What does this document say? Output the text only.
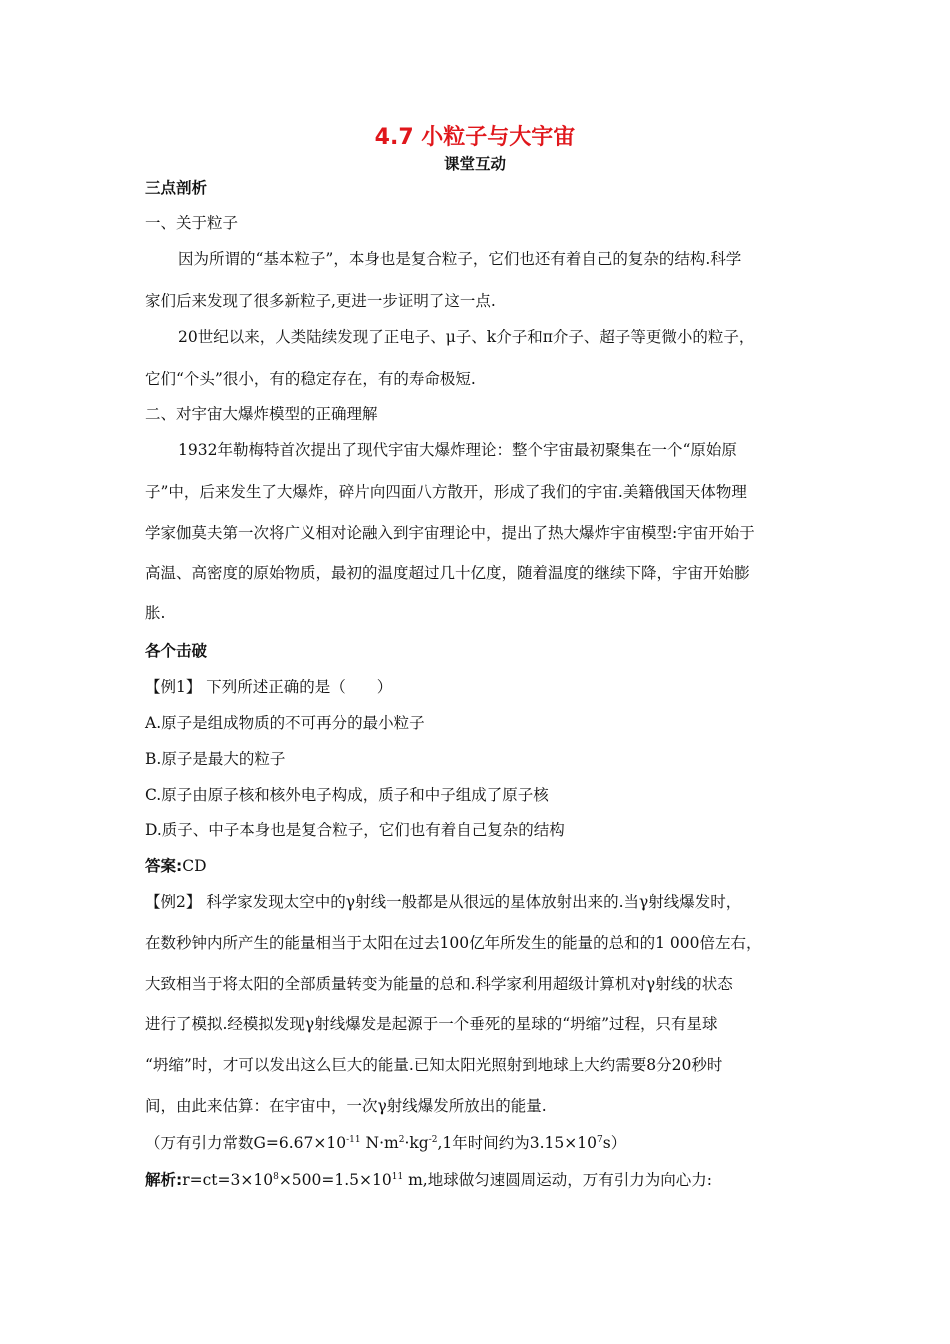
4.7 小粒子与大宇宙
课堂互动
三点剖析
一、关于粒子
因为所谓的“基本粒子”，本身也是复合粒子，它们也还有着自己的复杂的结构.科学
家们后来发现了很多新粒子,更进一步证明了这一点.
20世纪以来，人类陆续发现了正电子、μ子、k介子和π介子、超子等更微小的粒子，
它们“个头”很小，有的稳定存在，有的寿命极短.
二、对宇宙大爆炸模型的正确理解
1932年勒梅特首次提出了现代宇宙大爆炸理论：整个宇宙最初聚集在一个“原始原
子”中，后来发生了大爆炸，碎片向四面八方散开，形成了我们的宇宙.美籍俄国天体物理
学家伽莫夫第一次将广义相对论融入到宇宙理论中，提出了热大爆炸宇宙模型:宇宙开始于
高温、高密度的原始物质，最初的温度超过几十亿度，随着温度的继续下降，宇宙开始膨
胀.
各个击破
【例1】 下列所述正确的是（　　）
A.原子是组成物质的不可再分的最小粒子
B.原子是最大的粒子
C.原子由原子核和核外电子构成，质子和中子组成了原子核
D.质子、中子本身也是复合粒子，它们也有着自己复杂的结构
答案:CD
【例2】 科学家发现太空中的γ射线一般都是从很远的星体放射出来的.当γ射线爆发时，
在数秒钟内所产生的能量相当于太阳在过去100亿年所发生的能量的总和的1 000倍左右，
大致相当于将太阳的全部质量转变为能量的总和.科学家利用超级计算机对γ射线的状态
进行了模拟.经模拟发现γ射线爆发是起源于一个垂死的星球的“坍缩”过程，只有星球
“坍缩”时，才可以发出这么巨大的能量.已知太阳光照射到地球上大约需要8分20秒时
间，由此来估算：在宇宙中，一次γ射线爆发所放出的能量.
（万有引力常数$G=6.67\times 10^{-11}$ $N\cdot m^2\cdot kg^{-2},1$年时间约为$3.15\times 10^7s$）
解析$:r=ct=3\times 10^8\times 500=1.5\times 10^{11}$ m,地球做匀速圆周运动，万有引力为向心力:
